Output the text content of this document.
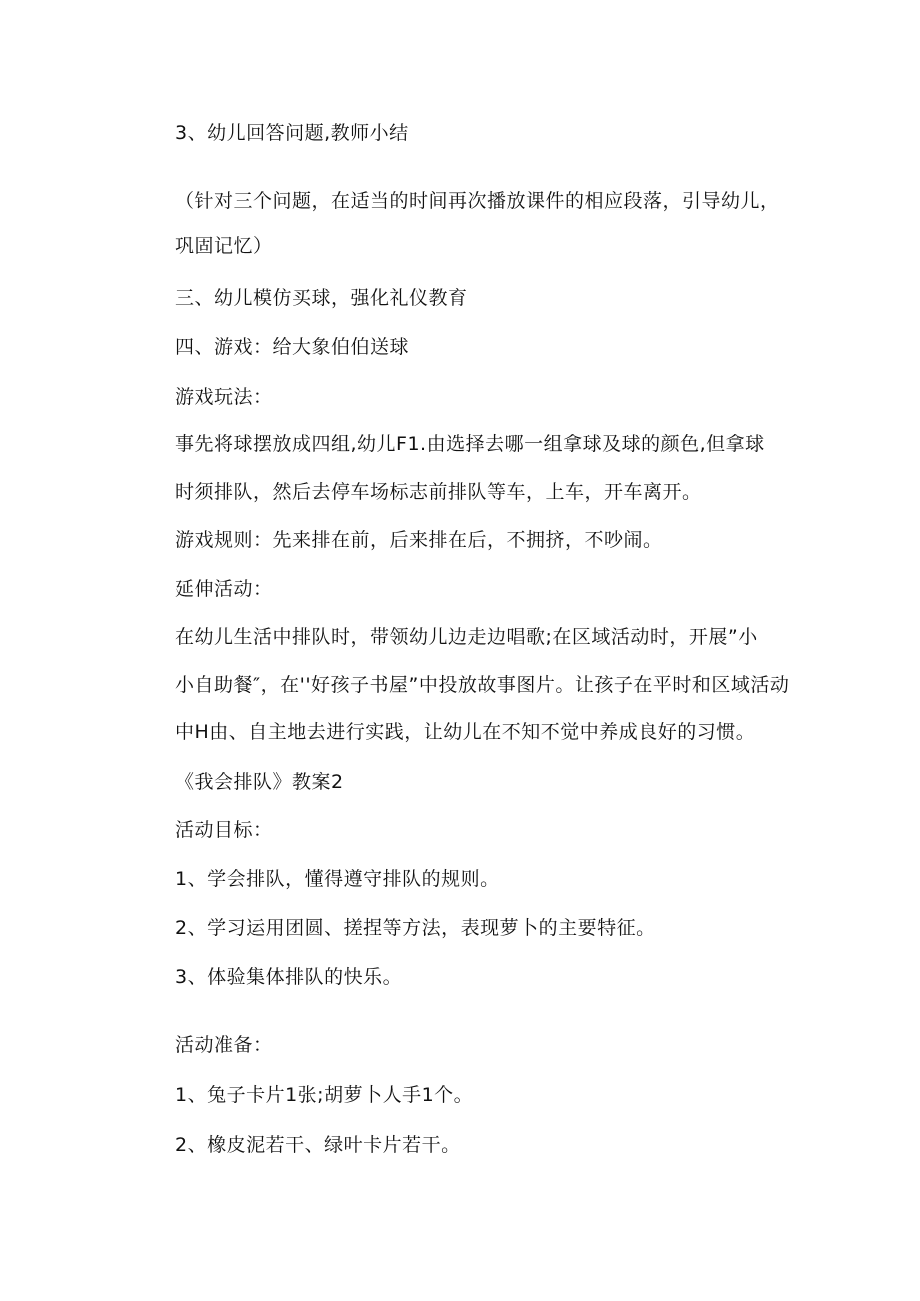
3、幼儿回答问题,教师小结

（针对三个问题，在适当的时间再次播放课件的相应段落，引导幼儿，

巩固记忆）

三、幼儿模仿买球，强化礼仪教育

四、游戏：给大象伯伯送球

游戏玩法：

事先将球摆放成四组,幼儿F1.由选择去哪一组拿球及球的颜色,但拿球

时须排队，然后去停车场标志前排队等车，上车，开车离开。

游戏规则：先来排在前，后来排在后，不拥挤，不吵闹。

延伸活动：

在幼儿生活中排队时，带领幼儿边走边唱歌;在区域活动时，开展”小

小自助餐″，在''好孩子书屋”中投放故事图片。让孩子在平时和区域活动

中H由、自主地去进行实践，让幼儿在不知不觉中养成良好的习惯。

《我会排队》教案2

活动目标：

1、学会排队，懂得遵守排队的规则。

2、学习运用团圆、搓捏等方法，表现萝卜的主要特征。

3、体验集体排队的快乐。

活动准备：

1、兔子卡片1张;胡萝卜人手1个。

2、橡皮泥若干、绿叶卡片若干。
